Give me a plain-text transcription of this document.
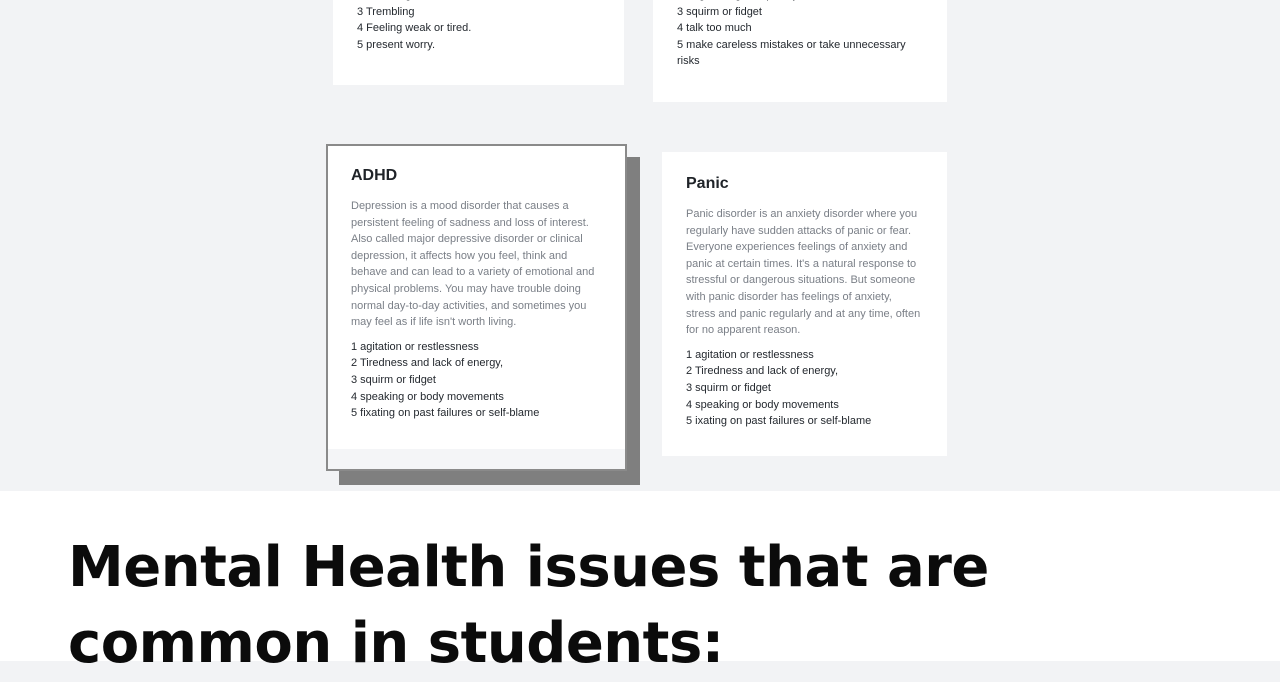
3 Trembling
4 Feeling weak or tired.
5 present worry.
3 squirm or fidget
4 talk too much
5 make careless mistakes or take unnecessary risks
ADHD

Depression is a mood disorder that causes a persistent feeling of sadness and loss of interest. Also called major depressive disorder or clinical depression, it affects how you feel, think and behave and can lead to a variety of emotional and physical problems. You may have trouble doing normal day-to-day activities, and sometimes you may feel as if life isn't worth living.

1 agitation or restlessness
2 Tiredness and lack of energy,
3 squirm or fidget
4 speaking or body movements
5 fixating on past failures or self-blame
Panic

Panic disorder is an anxiety disorder where you regularly have sudden attacks of panic or fear. Everyone experiences feelings of anxiety and panic at certain times. It's a natural response to stressful or dangerous situations. But someone with panic disorder has feelings of anxiety, stress and panic regularly and at any time, often for no apparent reason.

1 agitation or restlessness
2 Tiredness and lack of energy,
3 squirm or fidget
4 speaking or body movements
5 ixating on past failures or self-blame
Mental Health issues that are common in students:
